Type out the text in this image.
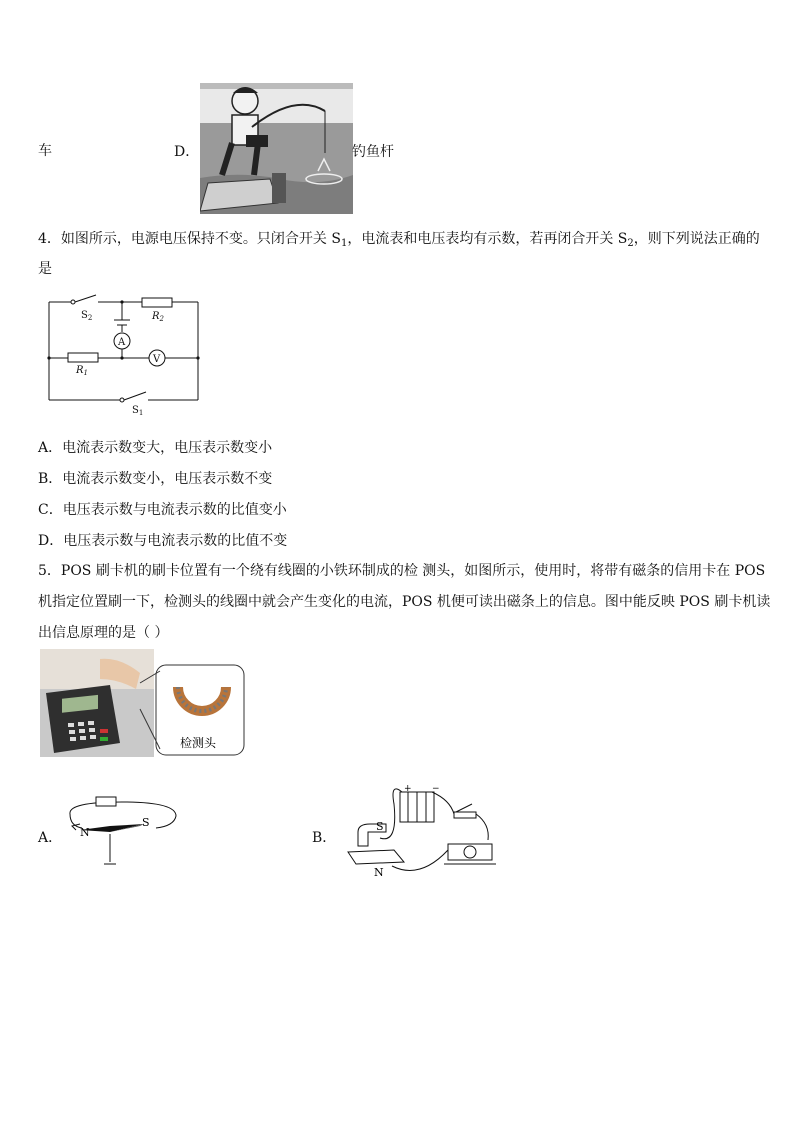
车	D．	钓鱼杆
4．如图所示，电源电压保持不变。只闭合开关 $S_1$，电流表和电压表均有示数，若再闭合开关 $S_2$，则下列说法正确的
是
$S_2$	$R_2$
A
V
$R_1$
$S_1$
A．电流表示数变大，电压表示数变小
B．电流表示数变小，电压表示数不变
C．电压表示数与电流表示数的比值变小
D．电压表示数与电流表示数的比值不变
5．POS 刷卡机的刷卡位置有一个绕有线圈的小铁环制成的检 测头，如图所示，使用时，将带有磁条的信用卡在 POS
机指定位置刷一下，检测头的线圈中就会产生变化的电流，POS 机便可读出磁条上的信息。图中能反映 POS 刷卡机读
出信息原理的是（ ）
检测头
A． N
S
B．
+ −
S
N
